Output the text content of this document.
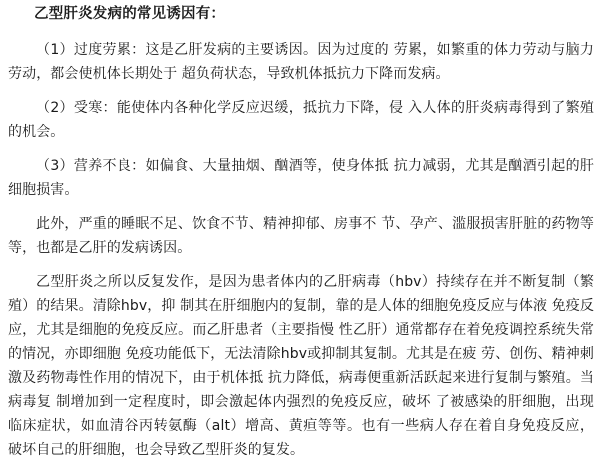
乙型肝炎发病的常见诱因有：

（1）过度劳累：这是乙肝发病的主要诱因。因为过度的 劳累，如繁重的体力劳动与脑力劳动，都会使机体长期处于 超负荷状态，导致机体抵抗力下降而发病。

（2）受寒：能使体内各种化学反应迟缓，抵抗力下降，侵 入人体的肝炎病毒得到了繁殖的机会。

（3）营养不良：如偏食、大量抽烟、酗酒等，使身体抵 抗力减弱，尤其是酗酒引起的肝细胞损害。

此外，严重的睡眠不足、饮食不节、精神抑郁、房事不 节、孕产、滥服损害肝脏的药物等等，也都是乙肝的发病诱因。

乙型肝炎之所以反复发作，是因为患者体内的乙肝病毒（hbv）持续存在并不断复制（繁殖）的结果。清除hbv，抑 制其在肝细胞内的复制，靠的是人体的细胞免疫反应与体液 免疫反应，尤其是细胞的免疫反应。而乙肝患者（主要指慢 性乙肝）通常都存在着免疫调控系统失常的情况，亦即细胞 免疫功能低下，无法清除hbv或抑制其复制。尤其是在疲 劳、创伤、精神刺激及药物毒性作用的情况下，由于机体抵 抗力降低，病毒便重新活跃起来进行复制与繁殖。当病毒复 制增加到一定程度时，即会激起体内强烈的免疫反应，破坏 了被感染的肝细胞，出现临床症状，如血清谷丙转氨酶（alt）增高、黄疸等等。也有一些病人存在着自身免疫反应， 破坏自己的肝细胞，也会导致乙型肝炎的复发。
